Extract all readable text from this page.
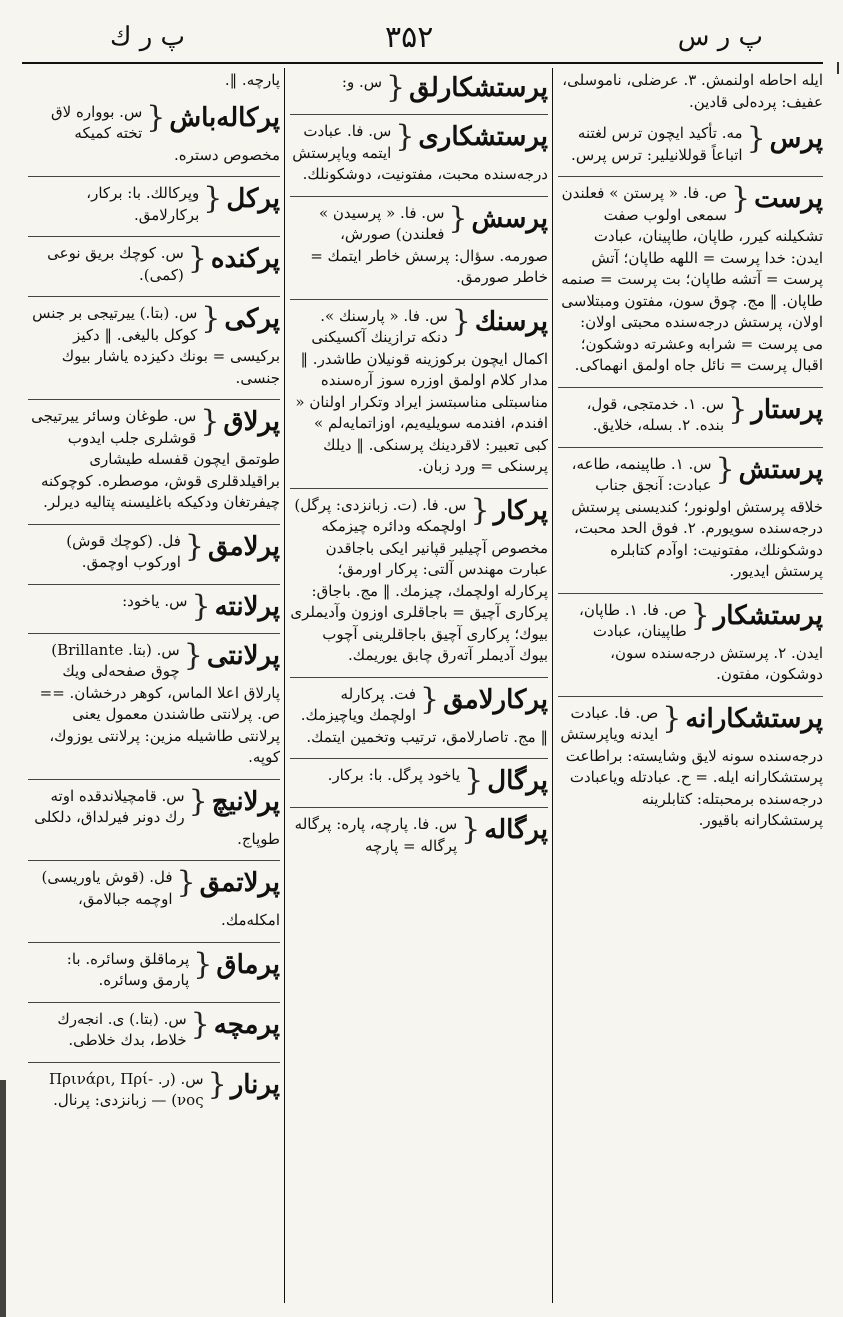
پ ر س
۳۵۲
پ ر ك
ايله احاطه اولنمش. ٣. عرضلى، ناموسلى، عفيف: پردەلى قادين.
پرس
{
مە. تأكيد ايچون ترس لغتنه اتباعاً قوللانيلير: ترس پرس.
پرست
{
ص. فا. « پرستن » فعلندن سمعى اولوب صفت تشكيلنه كيرر، طاپان، طاپينان، عبادت ايدن: خدا پرست = اللهه طاپان؛ آتش پرست = آتشه طاپان؛ بت پرست = صنمه طاپان. ‖ مج. چوق سون، مفتون ومبتلاسى اولان، پرستش درجەسندە محبتى اولان: مى پرست = شرابه وعشرته دوشكون؛ اقبال پرست = نائل جاه اولمق انهماكى.
پرستار
{
س. ١. خدمتجى، قول، بندە. ٢. بسلە، خلايق.
پرستش
{
س. ١. طاپينمه، طاعه، عبادت: آنجق جناب خلاقه پرستش اولونور؛ كنديسنى پرستش درجەسندە سويورم. ٢. فوق الحد محبت، دوشكونلك، مفتونيت: اوآدم كتابلره پرستش ايديور.
پرستشكار
{
ص. فا. ١. طاپان، طاپينان، عبادت ايدن. ٢. پرستش درجەسندە سون، دوشكون، مفتون.
پرستشكارانه
{
ص. فا. عبادت ايدنه وياپرستش درجەسندە سونه لايق وشايسته: براطاعت پرستشكارانه ايله. = ح. عبادتله وياعبادت درجەسندە برمحبتله: كتابلرينه پرستشكارانه باقيور.
پرستشكارلق
{
س. و:
پرستشكارى
{
س. فا. عبادت ايتمه وياپرستش درجەسندە محبت، مفتونيت، دوشكونلك.
پرسش
{
س. فا. « پرسيدن » فعلندن) صورش، صورمه. سؤال: پرسش خاطر ايتمك = خاطر صورمق.
پرسنك
{
س. فا. « پارسنك ». دنكه ترازينك آكسيكنى اكمال ايچون بركوزينه قونيلان طاشدر. ‖ مدار كلام اولمق اوزره سوز آرەسندە مناسبتلى مناسبتسز ايراد وتكرار اولنان « افندم، افندمه سويليەيم، اوزاتمايەلم » كبى تعبير: لاقردينك پرسنكى. ‖ ديلك پرسنكى = ورد زبان.
پركار
{
س. فا. (ت. زبانزدى: پرگل) اولچمكه ودائره چيزمكه مخصوص آچيلير قپانير ايكى باجاقدن عبارت مهندس آلتى: پركار اورمق؛ پركارله اولچمك، چيزمك. ‖ مج. باجاق: پركارى آچيق = باجاقلرى اوزون وآديملرى بيوك؛ پركارى آچيق باجاقلرينى آچوب بيوك آديملر آتەرق چابق يوريمك.
پركارلامق
{
فت. پركارله اولچمك وياچيزمك. ‖ مج. تاصارلامق، ترتيب وتخمين ايتمك.
پرگال
{
ياخود پرگل. با: بركار.
پرگاله
{
س. فا. پارچه، پاره: پرگاله پرگاله = پارچه
پارچه. ‖.
پركالەباش
{
س. بوواره لاق تخته كميكه مخصوص دستره.
پركل
{
وپركالك. با: بركار، بركارلامق.
پركنده
{
س. كوچك بريق نوعى (كمى).
پركى
{
س. (بتا.) ييرتيجى بر جنس كوكل باليغى. ‖ دكيز بركيسى = بونك دكيزده ياشار بيوك جنسى.
پرلاق
{
س. طوغان وسائر ييرتيجى قوشلرى جلب ايدوب طوتمق ايچون قفسله طيشارى براقيلدقلرى قوش، موصطره. كوچوكنه چيفرتغان ودكيكه باغليسنه پتاليه ديرلر.
پرلامق
{
فل. (كوچك قوش) اوركوب اوچمق.
پرلانته
{
س. ياخود:
پرلانتى
{
س. (بتا. Brillante) چوق صفحەلى ويك پارلاق اعلا الماس، كوهر درخشان. == ص. پرلانتى طاشندن معمول يعنى پرلانتى طاشيله مزين: پرلانتى يوزوك، كوپه.
پرلانيچ
{
س. قامچيلاندقده اوته رك دونر فيرلداق، دلكلى طوپاج.
پرلاتمق
{
فل. (قوش ياوريسى) اوچمه جبالامق، امكلەمك.
پرماق
{
پرماقلق وسائره. با: پارمق وسائره.
پرمچه
{
س. (بتا.) ى. انجەرك خلاط، بدك خلاطى.
پرنار
{
س. (ر. Πρινάρι, Πρί-νος) — زبانزدى: پرنال.
